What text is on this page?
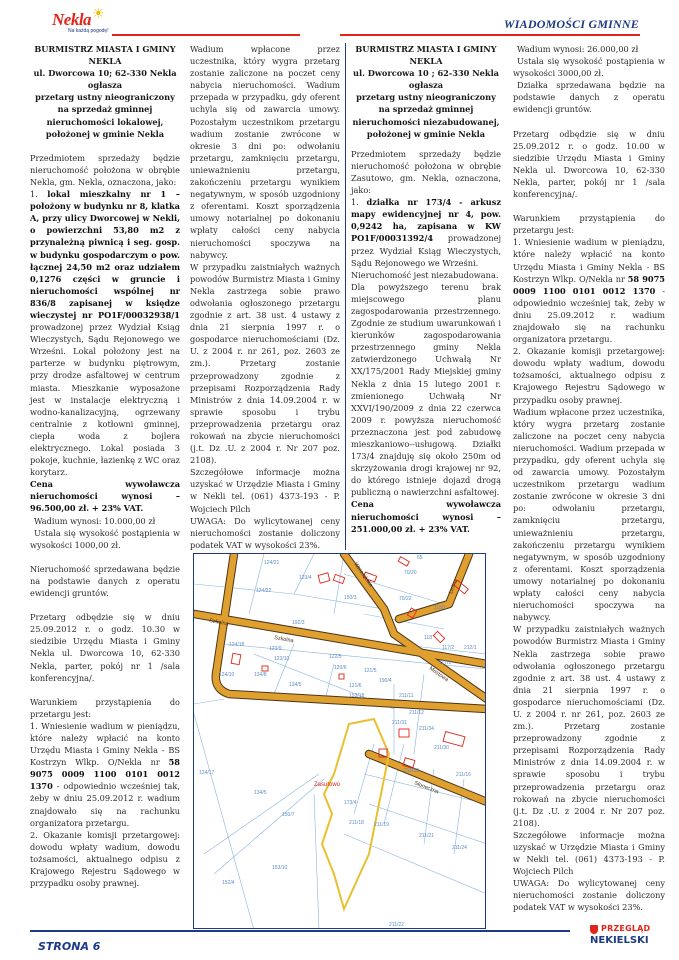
Nekla ☀
Na każdą pogodę!	WIADOMOŚCI GMINNE

BURMISTRZ MIASTA I GMINY NEKLA

ul. Dworcowa 10; 62-330 Nekla

ogłasza

przetarg ustny nieograniczony na sprzedaż gminnej nieruchomości lokalowej, położonej w gminie Nekla

Przedmiotem sprzedaży będzie nieruchomość położona w obrębie Nekla, gm. Nekla, oznaczona, jako:

1. lokal mieszkalny nr 1 – położony w budynku nr 8, klatka A, przy ulicy Dworcowej w Nekli, o powierzchni 53,80 m2 z przynależną piwnicą i seg. gosp. w budynku gospodarczym o pow. łącznej 24,50 m2 oraz udziałem 0,1276 części w gruncie i nieruchomości wspólnej nr 836/8 zapisanej w księdze wieczystej nr PO1F/00032938/1 prowadzonej przez Wydział Ksiąg Wieczystych, Sądu Rejonowego we Wrześni. Lokal położony jest na parterze w budynku piętrowym, przy drodze asfaltowej w centrum miasta. Mieszkanie wyposażone jest w instalacje elektryczną i wodno-kanalizacyjną, ogrzewany centralnie z kotłowni gminnej, ciepła woda z bojlera elektrycznego. Lokal posiada 3 pokoje, kuchnie, łazienkę z WC oraz korytarz.

Cena wywoławcza nieruchomości wynosi – 96.500,00 zł. + 23% VAT.

Wadium wynosi: 10.000,00 zł

Ustala się wysokość postąpienia w wysokości 1000,00 zł.

Nieruchomość sprzedawana będzie na podstawie danych z operatu ewidencji gruntów.

Przetarg odbędzie się w dniu 25.09.2012 r. o godz. 10.30 w siedzibie Urzędu Miasta i Gminy Nekla ul. Dworcowa 10, 62-330 Nekla, parter, pokój nr 1 /sala konferencyjna/.

Warunkiem przystąpienia do przetargu jest:

1. Wniesienie wadium w pieniądzu, które należy wpłacić na konto Urzędu Miasta i Gminy Nekla - BS Kostrzyn Wlkp. O/Nekla nr 58 9075 0009 1100 0101 0012 1370 - odpowiednio wcześniej tak, żeby w dniu 25.09.2012 r. wadium znajdowało się na rachunku organizatora przetargu.

2. Okazanie komisji przetargowej: dowodu wpłaty wadium, dowodu tożsamości, aktualnego odpisu z Krajowego Rejestru Sądowego w przypadku osoby prawnej.

Wadium wpłacone przez uczestnika, który wygra przetarg zostanie zaliczone na poczet ceny nabycia nieruchomości. Wadium przepada w przypadku, gdy oferent uchyla się od zawarcia umowy. Pozostałym uczestnikom przetargu wadium zostanie zwrócone w okresie 3 dni po: odwołaniu przetargu, zamknięciu przetargu, unieważnieniu przetargu, zakończeniu przetargu wynikiem negatywnym, w sposób uzgodniony z oferentami. Koszt sporządzenia umowy notarialnej po dokonaniu wpłaty całości ceny nabycia nieruchomości spoczywa na nabywcy.

W przypadku zaistniałych ważnych powodów Burmistrz Miasta i Gminy Nekla zastrzega sobie prawo odwołania ogłoszonego przetargu zgodnie z art. 38 ust. 4 ustawy z dnia 21 sierpnia 1997 r. o gospodarce nieruchomościami (Dz. U. z 2004 r. nr 261, poz. 2603 ze zm.). Przetarg zostanie przeprowadzony zgodnie z przepisami Rozporządzenia Rady Ministrów z dnia 14.09.2004 r. w sprawie sposobu i trybu przeprowadzenia przetargu oraz rokowań na zbycie nieruchomości (j.t. Dz .U. z 2004 r. Nr 207 poz. 2108).

Szczegółowe informacje można uzyskać w Urzędzie Miasta i Gminy w Nekli tel. (061) 4373-193 - P. Wojciech Pilch

UWAGA: Do wylicytowanej ceny nieruchomości zostanie doliczony podatek VAT w wysokości 23%.

BURMISTRZ MIASTA I GMINY NEKLA

ul. Dworcowa 10 ; 62-330 Nekla

ogłasza

przetarg ustny nieograniczony na sprzedaż gminnej nieruchomości niezabudowanej, położonej w gminie Nekla

Przedmiotem sprzedaży będzie nieruchomość położona w obrębie Zasutowo, gm. Nekla, oznaczona, jako:

1. działka nr 173/4 - arkusz mapy ewidencyjnej nr 4, pow. 0,9242 ha, zapisana w KW PO1F/00031392/4 prowadzonej przez Wydział Ksiąg Wieczystych, Sądu Rejonowego we Wrześni.

Nieruchomość jest niezabudowana.

Dla powyższego terenu brak miejscowego planu zagospodarowania przestrzennego. Zgodnie ze studium uwarunkowań i kierunków zagospodarowania przestrzennego gminy Nekla zatwierdzonego Uchwałą Nr XX/175/2001 Rady Miejskiej gminy Nekla z dnia 15 lutego 2001 r. zmienionego Uchwałą Nr XXVI/190/2009 z dnia 22 czerwca 2009 r. powyższa nieruchomość przeznaczona jest pod zabudowę mieszkaniowo--usługową. Działki 173/4 znajduję się około 250m od skrzyżowania drogi krajowej nr 92, do którego istnieje dojazd drogą publiczną o nawierzchni asfaltowej.

Cena wywoławcza nieruchomości wynosi – 251.000,00 zł. + 23% VAT.

Wadium wynosi: 26.000,00 zł

Ustala się wysokość postąpienia w wysokości 3000,00 zł.

Działka sprzedawana będzie na podstawie danych z operatu ewidencji gruntów.

Przetarg odbędzie się w dniu 25.09.2012 r. o godz. 10.00 w siedzibie Urzędu Miasta i Gminy Nekla ul. Dworcowa 10, 62-330 Nekla, parter, pokój nr 1 /sala konferencyjna/.

Warunkiem przystąpienia do przetargu jest:

1. Wniesienie wadium w pieniądzu, które należy wpłacić na konto Urzędu Miasta i Gminy Nekla - BS Kostrzyn Wlkp. O/Nekla nr 58 9075 0009 1100 0101 0012 1370 - odpowiednio wcześniej tak, żeby w dniu 25.09.2012 r. wadium znajdowało się na rachunku organizatora przetargu.

2. Okazanie komisji przetargowej: dowodu wpłaty wadium, dowodu tożsamości, aktualnego odpisu z Krajowego Rejestru Sądowego w przypadku osoby prawnej.

Wadium wpłacone przez uczestnika, który wygra przetarg zostanie zaliczone na poczet ceny nabycia nieruchomości. Wadium przepada w przypadku, gdy oferent uchyla się od zawarcia umowy. Pozostałym uczestnikom przetargu wadium zostanie zwrócone w okresie 3 dni po: odwołaniu przetargu, zamknięciu przetargu, unieważnieniu przetargu, zakończeniu przetargu wynikiem negatywnym, w sposób uzgodniony z oferentami. Koszt sporządzenia umowy notarialnej po dokonaniu wpłaty całości ceny nabycia nieruchomości spoczywa na nabywcy.

W przypadku zaistniałych ważnych powodów Burmistrz Miasta i Gminy Nekla zastrzega sobie prawo odwołania ogłoszonego przetargu zgodnie z art. 38 ust. 4 ustawy z dnia 21 sierpnia 1997 r. o gospodarce nieruchomościami (Dz. U. z 2004 r. nr 261, poz. 2603 ze zm.). Przetarg zostanie przeprowadzony zgodnie z przepisami Rozporządzenia Rady Ministrów z dnia 14.09.2004 r. w sprawie sposobu i trybu przeprowadzenia przetargu oraz rokowań na zbycie nieruchomości (j.t. Dz .U. z 2004 r. Nr 207 poz. 2108).

Szczegółowe informacje można uzyskać w Urzędzie Miasta i Gminy w Nekli tel. (061) 4373-193 - P. Wojciech Pilch

UWAGA: Do wylicytowanej ceny nieruchomości zostanie doliczony podatek VAT w wysokości 23%.

124/21
123/4
124/22
192/3
124/18
123/9
123/10	122/5
124/10	134/8
134/5
124/17
134/5
150/7
153/10
152/4
173/4
70/20
70/22
150/3
115/1
118
117/2
117/1
212/1
120/6	121/5
121/6
153/18
190/4
211/11
211/12
211/31
211/34
211/30
211/33
211/16
211/18 211/19
211/21
211/24
211/22
65
Szkolna
Szkolna
Wrzesińska	Leśna
Mostowa
Słoneczna
Zasutowo
STRONA 6
PRZEGLĄD
NEKIELSKI
